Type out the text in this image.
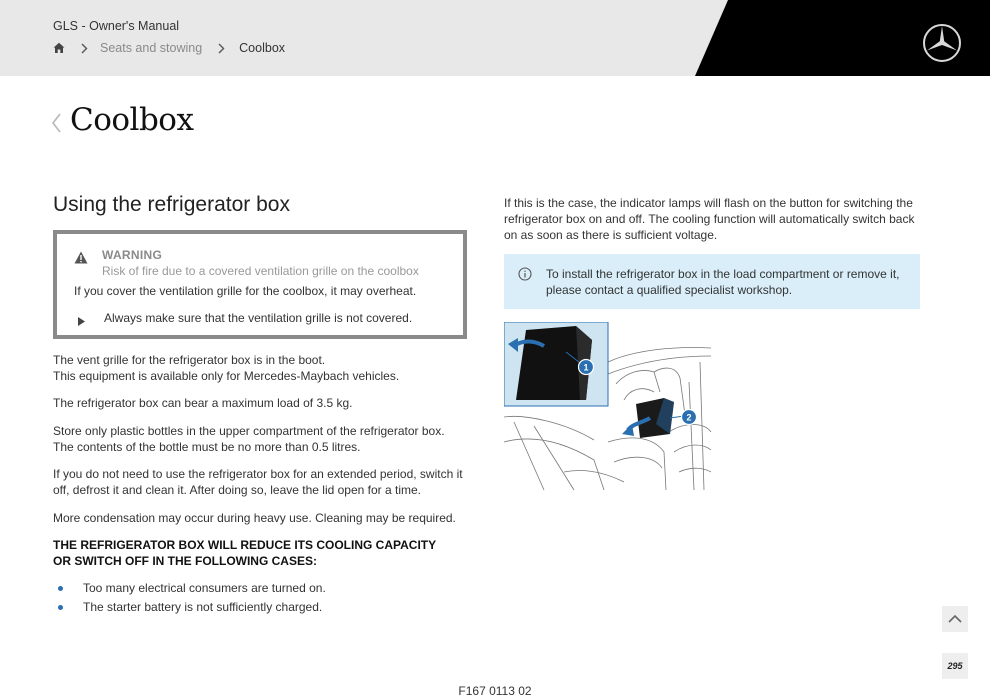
GLS - Owner's Manual
Seats and stowing	Coolbox
Coolbox
Using the refrigerator box
WARNING
Risk of fire due to a covered ventilation grille on the coolbox
If you cover the ventilation grille for the coolbox, it may overheat.
Always make sure that the ventilation grille is not covered.

The vent grille for the refrigerator box is in the boot.
This equipment is available only for Mercedes-Maybach vehicles.

The refrigerator box can bear a maximum load of 3.5 kg.

Store only plastic bottles in the upper compartment of the refrigerator box.
The contents of the bottle must be no more than 0.5 litres.

If you do not need to use the refrigerator box for an extended period, switch it off, defrost it and clean it. After doing so, leave the lid open for a time.

More condensation may occur during heavy use. Cleaning may be required.

THE REFRIGERATOR BOX WILL REDUCE ITS COOLING CAPACITY OR SWITCH OFF IN THE FOLLOWING CASES:

Too many electrical consumers are turned on.
The starter battery is not sufficiently charged.

If this is the case, the indicator lamps will flash on the button for switching the refrigerator box on and off. The cooling function will automatically switch back on as soon as there is sufficient voltage.

To install the refrigerator box in the load compartment or remove it, please contact a qualified specialist workshop.

1
2
295
F167 0113 02
